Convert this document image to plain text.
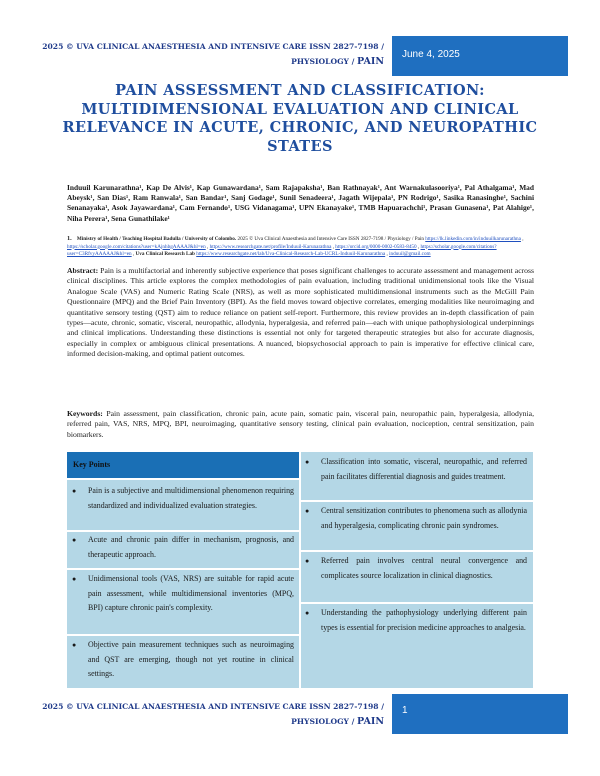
2025 © UVA CLINICAL ANAESTHESIA AND INTENSIVE CARE ISSN 2827-7198 /
PHYSIOLOGY / PAIN
June 4, 2025
PAIN ASSESSMENT AND CLASSIFICATION:
MULTIDIMENSIONAL EVALUATION AND CLINICAL
RELEVANCE IN ACUTE, CHRONIC, AND NEUROPATHIC
STATES
Induuil Karunarathna¹, Kap De Alvis¹, Kap Gunawardana¹, Sam Rajapaksha¹, Ban Rathnayak¹, Ant Warnakulasooriya¹, Pal Athalgama¹, Mad Abeysk¹, San Dias¹, Ram Ranwala¹, San Bandar¹, Sanj Godage¹, Sunil Senadeera¹, Jagath Wijepala¹, PN Rodrigo¹, Sasika Ranasinghe¹, Sachini Senanayaka¹, Asok Jayawardana¹, Cam Fernando¹, USG Vidanagama¹, UPN Ekanayake¹, TMB Hapuarachchi¹, Prasan Gunasena¹, Pat Alahige¹, Niha Perera¹, Sena Gunathilake¹
1. Ministry of Health / Teaching Hospital Badulla / University of Colombo. 2025 © Uva Clinical Anaesthesia and Intensive Care ISSN 2827-7198 / Physiology / Pain https://lk.linkedin.com/in/induuilkarunarathna , https://scholar.google.com/citations?user=kAjnhbgAAAAJ&hl=en , https://www.researchgate.net/profile/Induuil-Karunarathna , https://orcid.org/0000-0002-0583-8450 , https://scholar.google.com/citations?user=C3RfvyAAAAAJ&hl=en , Uva Clinical Research Lab https://www.researchgate.net/lab/Uva-Clinical-Research-Lab-UCRL-Induuil-Karunarathna , induuil@gmail.com
Abstract: Pain is a multifactorial and inherently subjective experience that poses significant challenges to accurate assessment and management across clinical disciplines. This article explores the complex methodologies of pain evaluation, including traditional unidimensional tools like the Visual Analogue Scale (VAS) and Numeric Rating Scale (NRS), as well as more sophisticated multidimensional instruments such as the McGill Pain Questionnaire (MPQ) and the Brief Pain Inventory (BPI). As the field moves toward objective correlates, emerging modalities like neuroimaging and quantitative sensory testing (QST) aim to reduce reliance on patient self-report. Furthermore, this review provides an in-depth classification of pain types—acute, chronic, somatic, visceral, neuropathic, allodynia, hyperalgesia, and referred pain—each with unique pathophysiological underpinnings and clinical implications. Understanding these distinctions is essential not only for targeted therapeutic strategies but also for accurate diagnosis, especially in complex or ambiguous clinical presentations. A nuanced, biopsychosocial approach to pain is imperative for effective clinical care, informed decision-making, and optimal patient outcomes.
Keywords: Pain assessment, pain classification, chronic pain, acute pain, somatic pain, visceral pain, neuropathic pain, hyperalgesia, allodynia, referred pain, VAS, NRS, MPQ, BPI, neuroimaging, quantitative sensory testing, clinical pain evaluation, nociception, central sensitization, pain biomarkers.
Key Points
● Pain is a subjective and multidimensional phenomenon requiring standardized and individualized evaluation strategies.
● Acute and chronic pain differ in mechanism, prognosis, and therapeutic approach.
● Unidimensional tools (VAS, NRS) are suitable for rapid acute pain assessment, while multidimensional inventories (MPQ, BPI) capture chronic pain's complexity.
● Objective pain measurement techniques such as neuroimaging and QST are emerging, though not yet routine in clinical settings.
● Classification into somatic, visceral, neuropathic, and referred pain facilitates differential diagnosis and guides treatment.
● Central sensitization contributes to phenomena such as allodynia and hyperalgesia, complicating chronic pain syndromes.
● Referred pain involves central neural convergence and complicates source localization in clinical diagnostics.
● Understanding the pathophysiology underlying different pain types is essential for precision medicine approaches to analgesia.
2025 © UVA CLINICAL ANAESTHESIA AND INTENSIVE CARE ISSN 2827-7198 /
PHYSIOLOGY / PAIN
1
